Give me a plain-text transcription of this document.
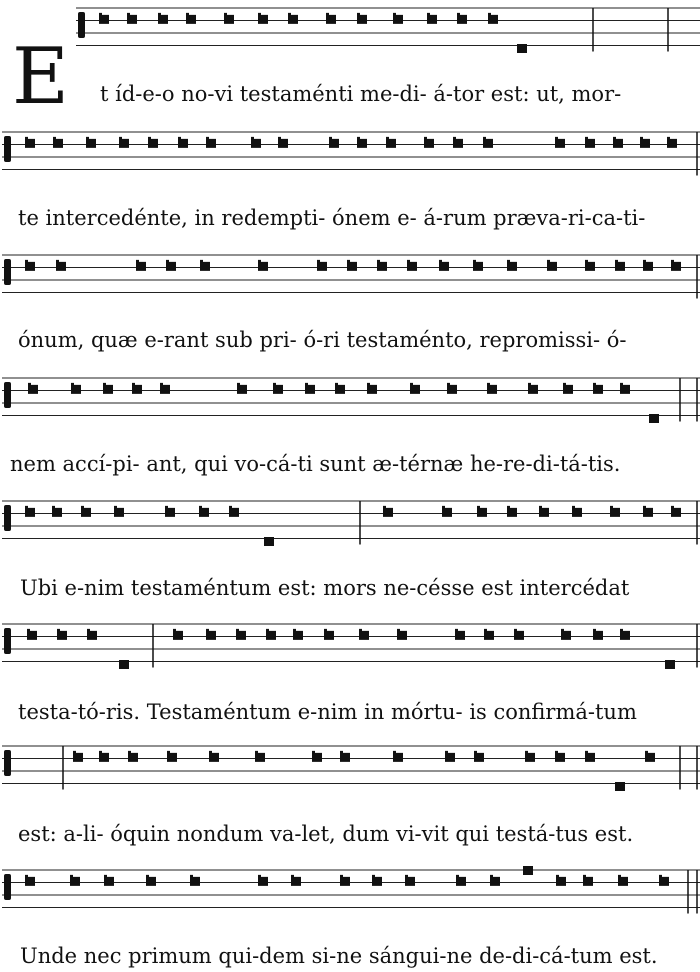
E t íd-e-o no-vi testaménti me-di- á-tor est: ut, mor-
te intercedénte, in redempti- ónem e- á-rum præva-ri-ca-ti-
ónum, quæ e-rant sub pri- ó-ri testaménto, repromissi- ó-
nem accí-pi- ant, qui vo-cá-ti sunt æ-térnæ he-re-di-tá-tis.
Ubi e-nim testaméntum est: mors ne-césse est intercédat
testa-tó-ris. Testaméntum e-nim in mórtu- is confirmá-tum
est: a-li- óquin nondum va-let, dum vi-vit qui testá-tus est.
Unde nec primum qui-dem si-ne sángui-ne de-di-cá-tum est.
